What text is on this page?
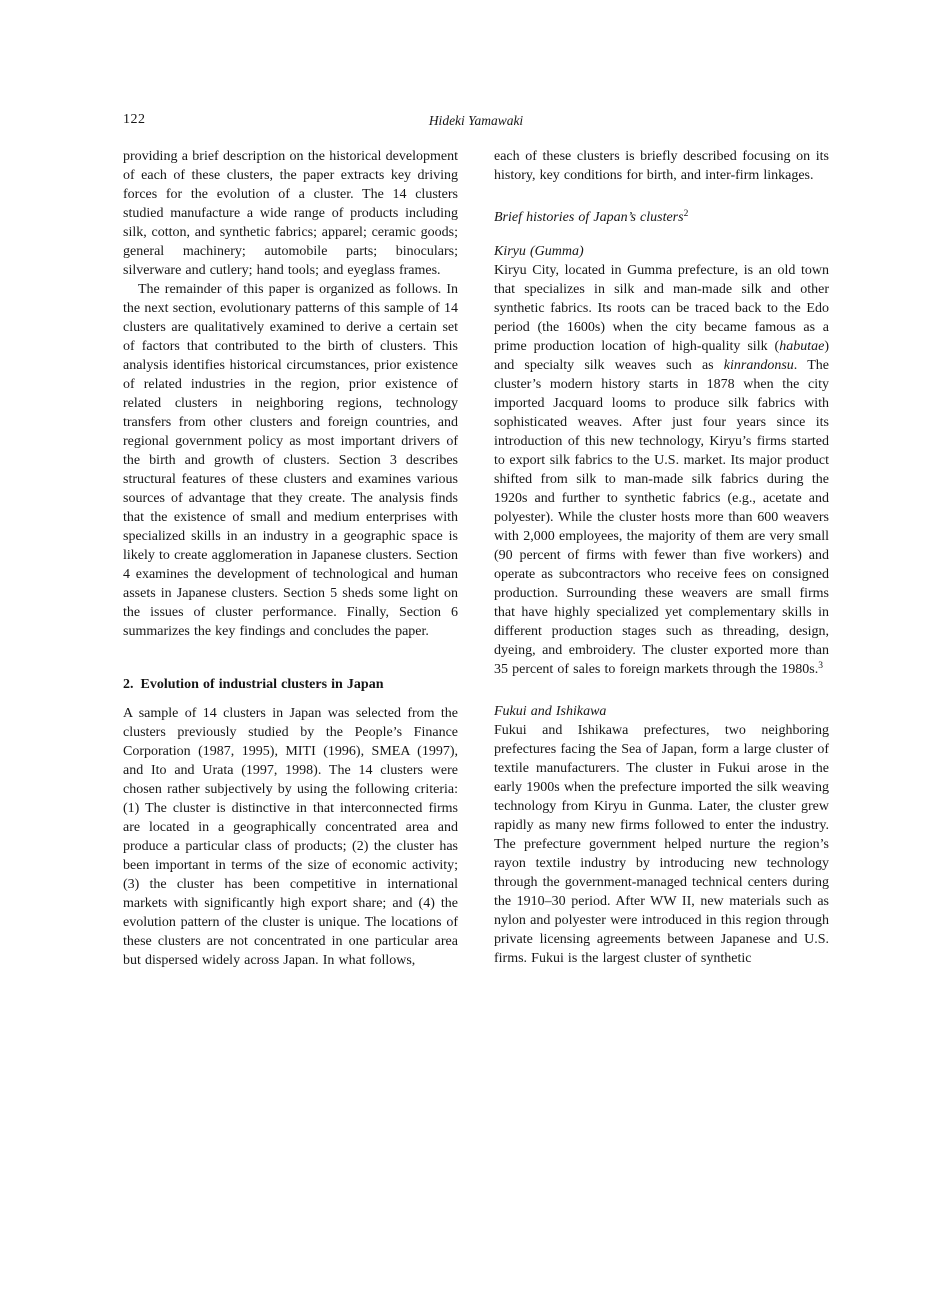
122	Hideki Yamawaki
providing a brief description on the historical development of each of these clusters, the paper extracts key driving forces for the evolution of a cluster. The 14 clusters studied manufacture a wide range of products including silk, cotton, and synthetic fabrics; apparel; ceramic goods; general machinery; automobile parts; binoculars; silverware and cutlery; hand tools; and eyeglass frames.
The remainder of this paper is organized as follows. In the next section, evolutionary patterns of this sample of 14 clusters are qualitatively examined to derive a certain set of factors that contributed to the birth of clusters. This analysis identifies historical circumstances, prior existence of related industries in the region, prior existence of related clusters in neighboring regions, technology transfers from other clusters and foreign countries, and regional government policy as most important drivers of the birth and growth of clusters. Section 3 describes structural features of these clusters and examines various sources of advantage that they create. The analysis finds that the existence of small and medium enterprises with specialized skills in an industry in a geographic space is likely to create agglomeration in Japanese clusters. Section 4 examines the development of technological and human assets in Japanese clusters. Section 5 sheds some light on the issues of cluster performance. Finally, Section 6 summarizes the key findings and concludes the paper.
2. Evolution of industrial clusters in Japan
A sample of 14 clusters in Japan was selected from the clusters previously studied by the People’s Finance Corporation (1987, 1995), MITI (1996), SMEA (1997), and Ito and Urata (1997, 1998). The 14 clusters were chosen rather subjectively by using the following criteria: (1) The cluster is distinctive in that interconnected firms are located in a geographically concentrated area and produce a particular class of products; (2) the cluster has been important in terms of the size of economic activity; (3) the cluster has been competitive in international markets with significantly high export share; and (4) the evolution pattern of the cluster is unique. The locations of these clusters are not concentrated in one particular area but dispersed widely across Japan. In what follows,
each of these clusters is briefly described focusing on its history, key conditions for birth, and inter-firm linkages.
Brief histories of Japan’s clusters$^2$
Kiryu (Gumma)
Kiryu City, located in Gumma prefecture, is an old town that specializes in silk and man-made silk and other synthetic fabrics. Its roots can be traced back to the Edo period (the 1600s) when the city became famous as a prime production location of high-quality silk (habutae) and specialty silk weaves such as kinrandonsu. The cluster’s modern history starts in 1878 when the city imported Jacquard looms to produce silk fabrics with sophisticated weaves. After just four years since its introduction of this new technology, Kiryu’s firms started to export silk fabrics to the U.S. market. Its major product shifted from silk to man-made silk fabrics during the 1920s and further to synthetic fabrics (e.g., acetate and polyester). While the cluster hosts more than 600 weavers with 2,000 employees, the majority of them are very small (90 percent of firms with fewer than five workers) and operate as subcontractors who receive fees on consigned production. Surrounding these weavers are small firms that have highly specialized yet complementary skills in different production stages such as threading, design, dyeing, and embroidery. The cluster exported more than 35 percent of sales to foreign markets through the 1980s.$^3$
Fukui and Ishikawa
Fukui and Ishikawa prefectures, two neighboring prefectures facing the Sea of Japan, form a large cluster of textile manufacturers. The cluster in Fukui arose in the early 1900s when the prefecture imported the silk weaving technology from Kiryu in Gunma. Later, the cluster grew rapidly as many new firms followed to enter the industry. The prefecture government helped nurture the region’s rayon textile industry by introducing new technology through the government-managed technical centers during the 1910–30 period. After WW II, new materials such as nylon and polyester were introduced in this region through private licensing agreements between Japanese and U.S. firms. Fukui is the largest cluster of synthetic
